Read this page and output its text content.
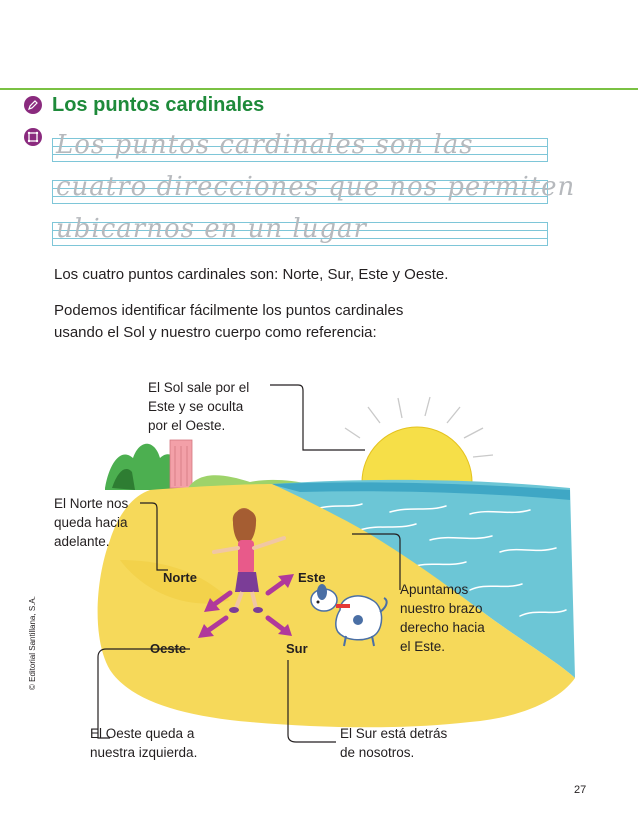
Los puntos cardinales
Los puntos cardinales son las
cuatro direcciones que nos permiten
ubicarnos en un lugar
Los cuatro puntos cardinales son: Norte, Sur, Este y Oeste.
Podemos identificar fácilmente los puntos cardinales
usando el Sol y nuestro cuerpo como referencia:
El Sol sale por el
Este y se oculta
por el Oeste.
El Norte nos
queda hacia
adelante.
Apuntamos
nuestro brazo
derecho hacia
el Este.
El Oeste queda a
nuestra izquierda.
El Sur está detrás
de nosotros.
Norte	Este
Oeste	Sur
© Editorial Santillana, S.A.
27
